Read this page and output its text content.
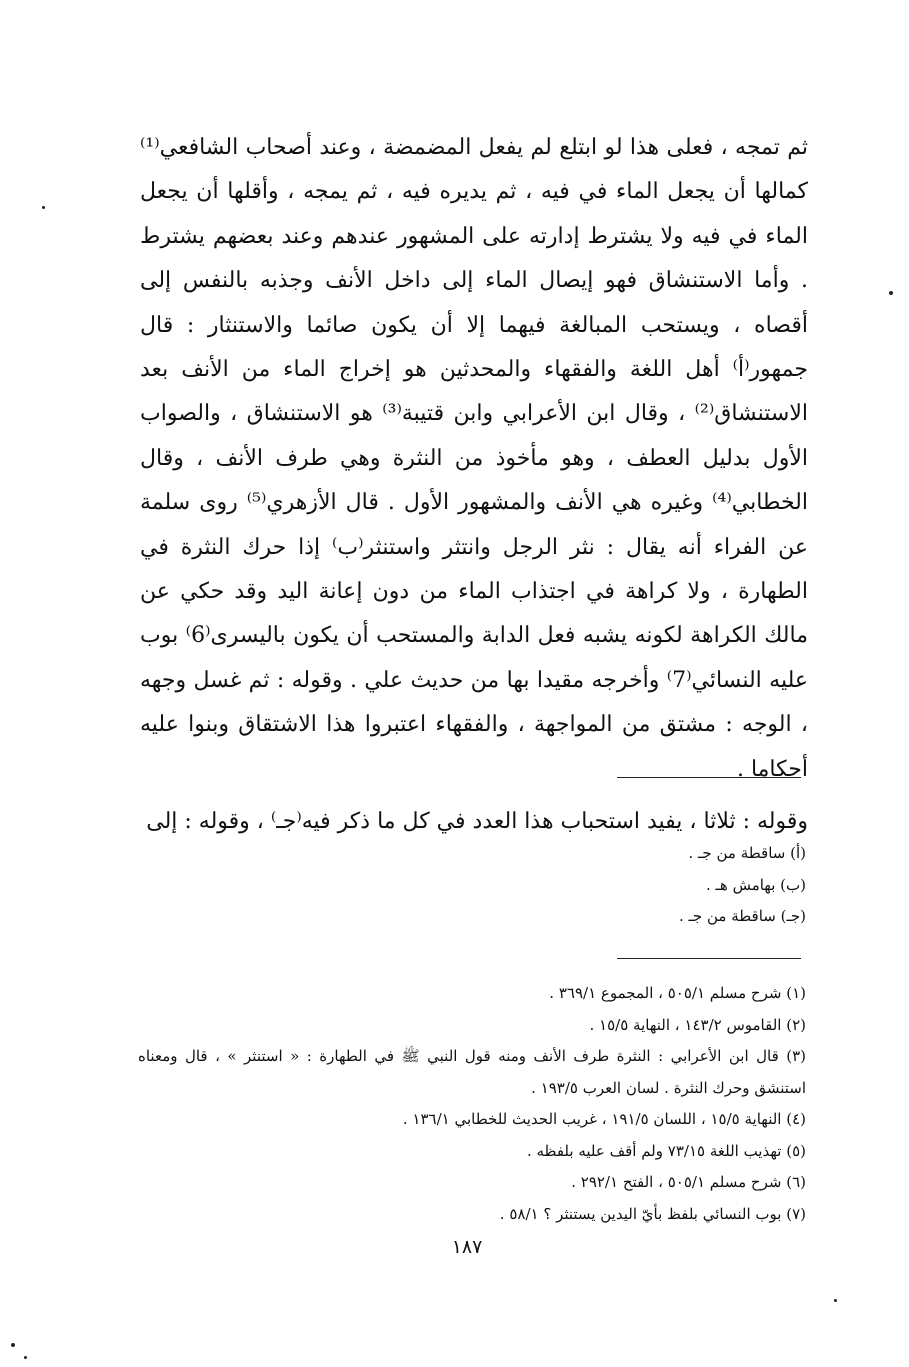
ثم تمجه ، فعلى هذا لو ابتلع لم يفعل المضمضة ، وعند أصحاب الشافعي⁽¹⁾ كمالها أن يجعل الماء في فيه ، ثم يديره فيه ، ثم يمجه ، وأقلها أن يجعل الماء في فيه ولا يشترط إدارته على المشهور عندهم وعند بعضهم يشترط . وأما الاستنشاق فهو إيصال الماء إلى داخل الأنف وجذبه بالنفس إلى أقصاه ، ويستحب المبالغة فيهما إلا أن يكون صائما والاستنثار : قال جمهور⁽أ⁾ أهل اللغة والفقهاء والمحدثين هو إخراج الماء من الأنف بعد الاستنشاق⁽²⁾ ، وقال ابن الأعرابي وابن قتيبة⁽³⁾ هو الاستنشاق ، والصواب الأول بدليل العطف ، وهو مأخوذ من النثرة وهي طرف الأنف ، وقال الخطابي⁽⁴⁾ وغيره هي الأنف والمشهور الأول . قال الأزهري⁽⁵⁾ روى سلمة عن الفراء أنه يقال : نثر الرجل وانتثر واستنثر⁽ب⁾ إذا حرك النثرة في الطهارة ، ولا كراهة في اجتذاب الماء من دون إعانة اليد وقد حكي عن مالك الكراهة لكونه يشبه فعل الدابة والمستحب أن يكون باليسرى⁽6⁾ بوب عليه النسائي⁽7⁾ وأخرجه مقيدا بها من حديث علي . وقوله : ثم غسل وجهه ، الوجه : مشتق من المواجهة ، والفقهاء اعتبروا هذا الاشتقاق وبنوا عليه أحكاما .

وقوله : ثلاثا ، يفيد استحباب هذا العدد في كل ما ذكر فيه⁽جـ⁾ ، وقوله : إلى

(أ) ساقطة من جـ .
(ب) بهامش هـ .
(جـ) ساقطة من جـ .
(١) شرح مسلم ٥٠٥/١ ، المجموع ٣٦٩/١ .
(٢) القاموس ١٤٣/٢ ، النهاية ١٥/٥ .
(٣) قال ابن الأعرابي : النثرة طرف الأنف ومنه قول النبي ﷺ في الطهارة : « استنثر » ، قال ومعناه استنشق وحرك النثرة . لسان العرب ١٩٣/٥ .
(٤) النهاية ١٥/٥ ، اللسان ١٩١/٥ ، غريب الحديث للخطابي ١٣٦/١ .
(٥) تهذيب اللغة ٧٣/١٥ ولم أقف عليه بلفظه .
(٦) شرح مسلم ٥٠٥/١ ، الفتح ٢٩٢/١ .
(٧) بوب النسائي بلفظ بأيّ اليدين يستنثر ؟ ٥٨/١ .
١٨٧
